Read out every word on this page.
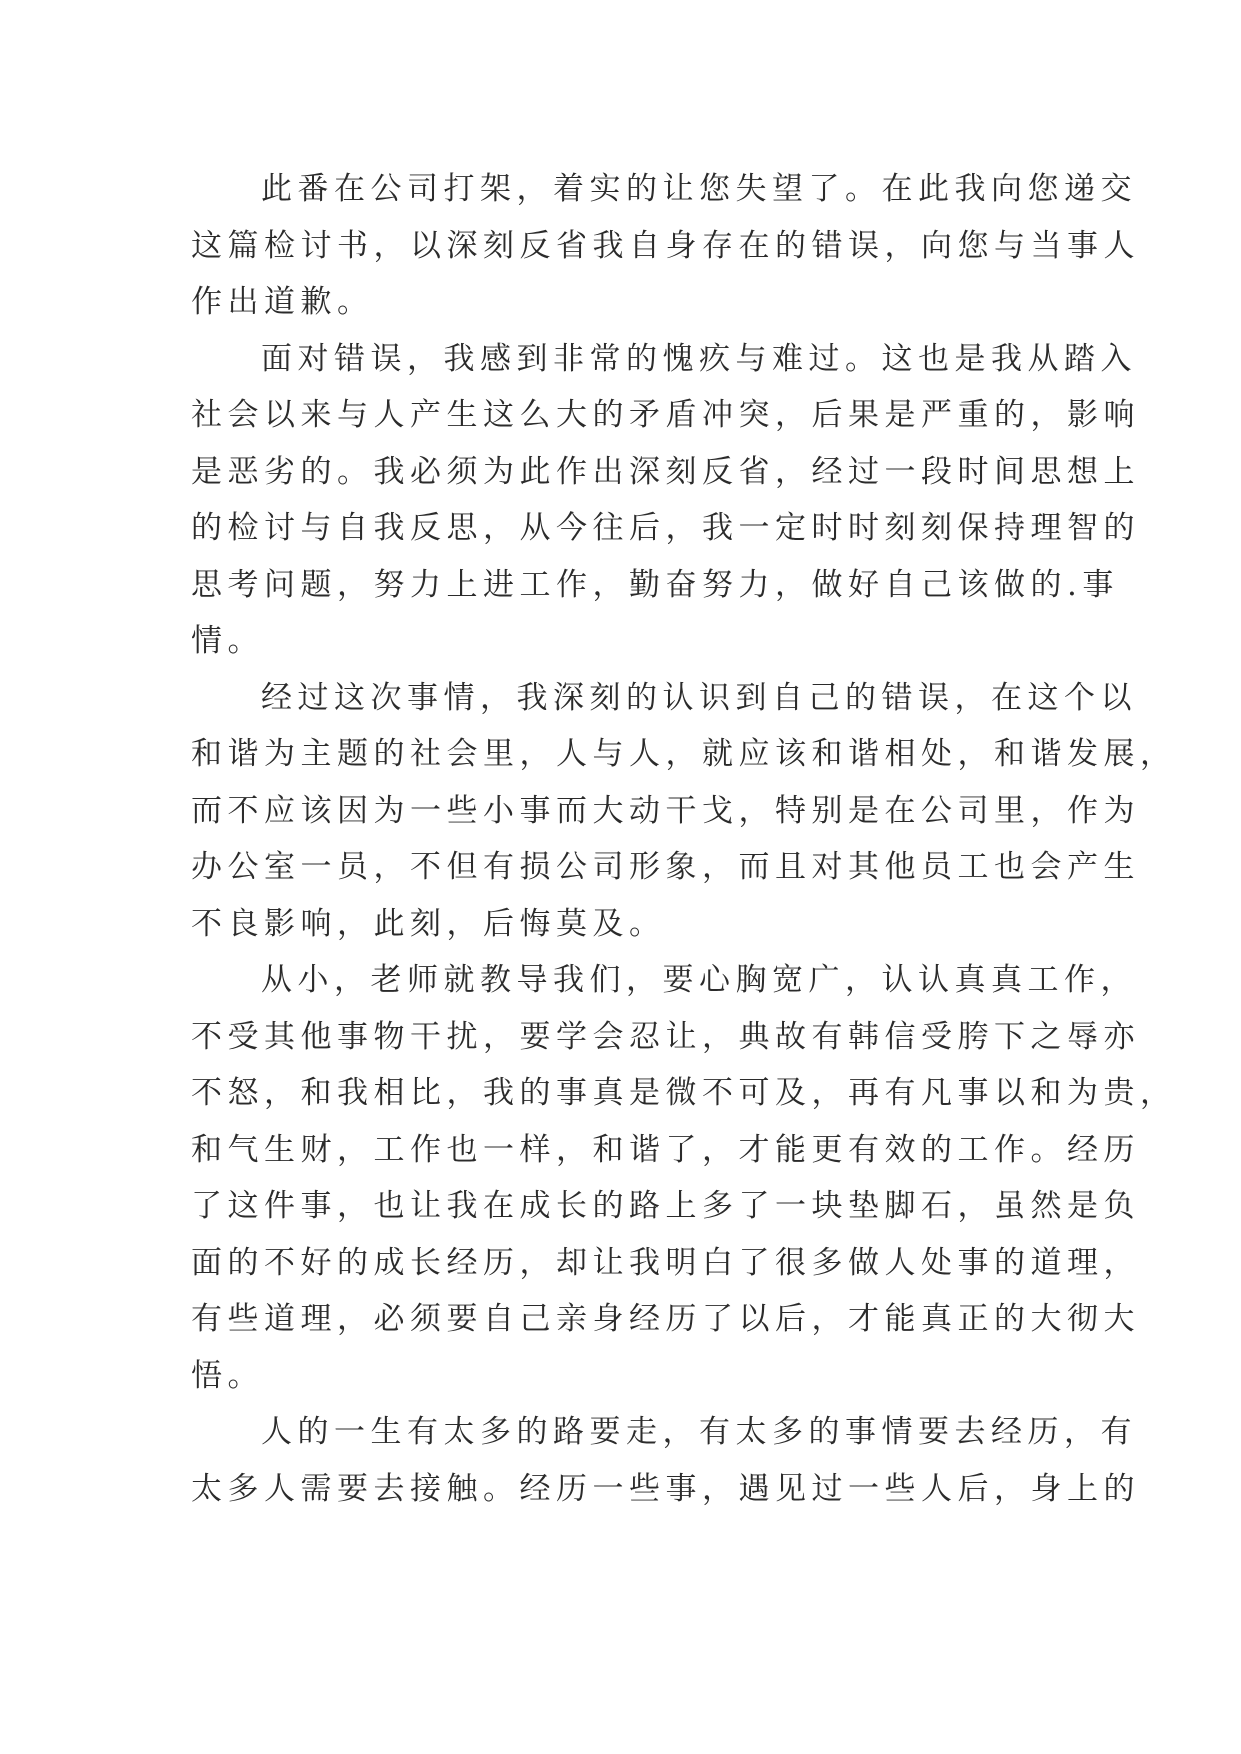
此番在公司打架，着实的让您失望了。在此我向您递交
这篇检讨书，以深刻反省我自身存在的错误，向您与当事人
作出道歉。
面对错误，我感到非常的愧疚与难过。这也是我从踏入
社会以来与人产生这么大的矛盾冲突，后果是严重的，影响
是恶劣的。我必须为此作出深刻反省，经过一段时间思想上
的检讨与自我反思，从今往后，我一定时时刻刻保持理智的
思考问题，努力上进工作，勤奋努力，做好自己该做的.事
情。
经过这次事情，我深刻的认识到自己的错误，在这个以
和谐为主题的社会里，人与人，就应该和谐相处，和谐发展，
而不应该因为一些小事而大动干戈，特别是在公司里，作为
办公室一员，不但有损公司形象，而且对其他员工也会产生
不良影响，此刻，后悔莫及。
从小，老师就教导我们，要心胸宽广，认认真真工作，
不受其他事物干扰，要学会忍让，典故有韩信受胯下之辱亦
不怒，和我相比，我的事真是微不可及，再有凡事以和为贵，
和气生财，工作也一样，和谐了，才能更有效的工作。经历
了这件事，也让我在成长的路上多了一块垫脚石，虽然是负
面的不好的成长经历，却让我明白了很多做人处事的道理，
有些道理，必须要自己亲身经历了以后，才能真正的大彻大
悟。
人的一生有太多的路要走，有太多的事情要去经历，有
太多人需要去接触。经历一些事，遇见过一些人后，身上的
